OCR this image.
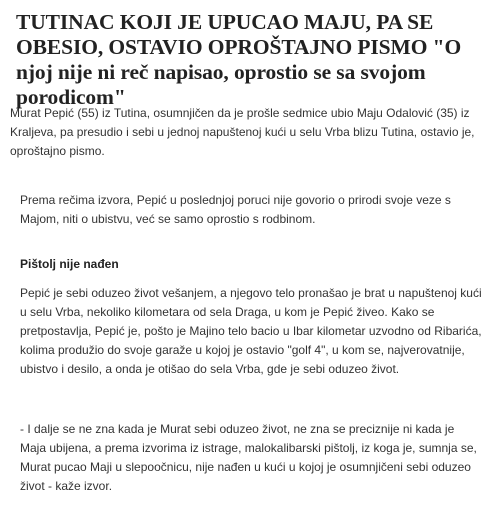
TUTINAC KOJI JE UPUCAO MAJU, PA SE OBESIO, OSTAVIO OPROŠTAJNO PISMO "O njoj nije ni reč napisao, oprostio se sa svojom porodicom"

Murat Pepić (55) iz Tutina, osumnjičen da je prošle sedmice ubio Maju Odalović (35) iz Kraljeva, pa presudio i sebi u jednoj napuštenoj kući u selu Vrba blizu Tutina, ostavio je, oproštajno pismo.

Prema rečima izvora, Pepić u poslednjoj poruci nije govorio o prirodi svoje veze s Majom, niti o ubistvu, već se samo oprostio s rodbinom.

Pištolj nije nađen

Pepić je sebi oduzeo život vešanjem, a njegovo telo pronašao je brat u napuštenoj kući u selu Vrba, nekoliko kilometara od sela Draga, u kom je Pepić živeo. Kako se pretpostavlja, Pepić je, pošto je Majino telo bacio u Ibar kilometar uzvodno od Ribarića, kolima produžio do svoje garaže u kojoj je ostavio "golf 4", u kom se, najverovatnije, ubistvo i desilo, a onda je otišao do sela Vrba, gde je sebi oduzeo život.

- I dalje se ne zna kada je Murat sebi oduzeo život, ne zna se preciznije ni kada je Maja ubijena, a prema izvorima iz istrage, malokalibarski pištolj, iz koga je, sumnja se, Murat pucao Maji u slepoočnicu, nije nađen u kući u kojoj je osumnjičeni sebi oduzeo život - kaže izvor.
